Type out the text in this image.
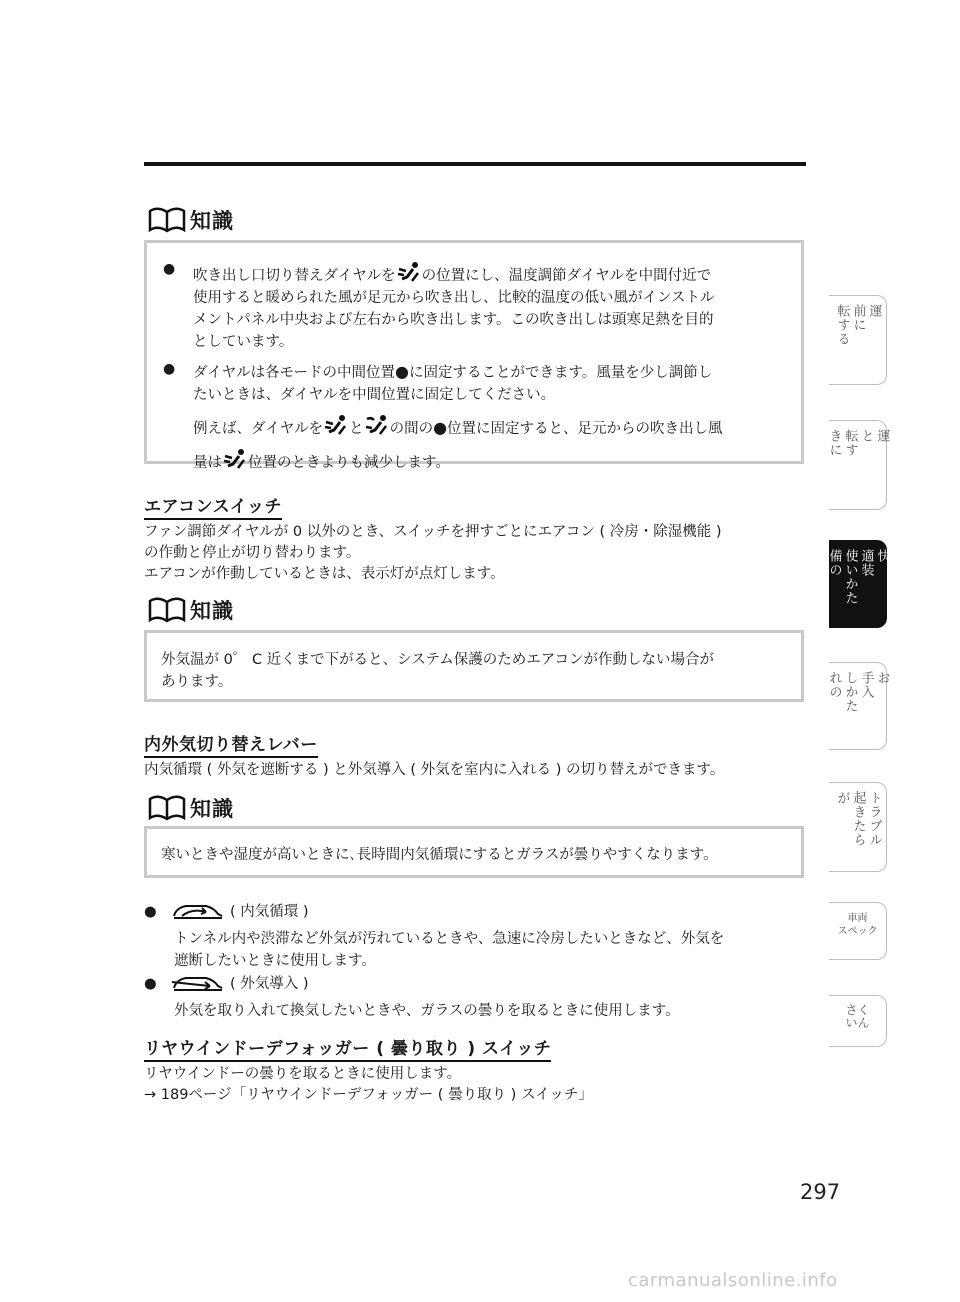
知識
● 吹き出し口切り替えダイヤルを の位置にし、温度調節ダイヤルを中間付近で

使用すると暖められた風が足元から吹き出し、比較的温度の低い風がインストル

メントパネル中央および左右から吹き出します。この吹き出しは頭寒足熱を目的

としています。

● ダイヤルは各モードの中間位置●に固定することができます。風量を少し調節し

たいときは、ダイヤルを中間位置に固定してください。

例えば、ダイヤルを と の間の●位置に固定すると、足元からの吹き出し風

量は 位置のときよりも減少します。

エアコンスイッチ

ファン調節ダイヤルが 0 以外のとき、スイッチを押すごとにエアコン ( 冷房・除湿機能 )

の作動と停止が切り替わります。

エアコンが作動しているときは、表示灯が点灯します。

知識

外気温が 0゜ C 近くまで下がると、システム保護のためエアコンが作動しない場合が

あります。

内外気切り替えレバー

内気循環 ( 外気を遮断する ) と外気導入 ( 外気を室内に入れる ) の切り替えができます。

知識

寒いときや湿度が高いときに､長時間内気循環にするとガラスが曇りやすくなります。

●	( 内気循環 )

トンネル内や渋滞など外気が汚れているときや、急速に冷房したいときなど、外気を

遮断したいときに使用します。

●	( 外気導入 )

外気を取り入れて換気したいときや、ガラスの曇りを取るときに使用します。

リヤウインドーデフォッガー ( 曇り取り ) スイッチ

リヤウインドーの曇りを取るときに使用します。

→ 189ページ「リヤウインドーデフォッガー ( 曇り取り ) スイッチ」

運
前に
転する
運
と
転す
きに
快
適装
使いかた
備の
お
手入
しかた
れの
トラブル
起きたら
が
車両
スペック
さく
いん
297
carmanualsonline.info
